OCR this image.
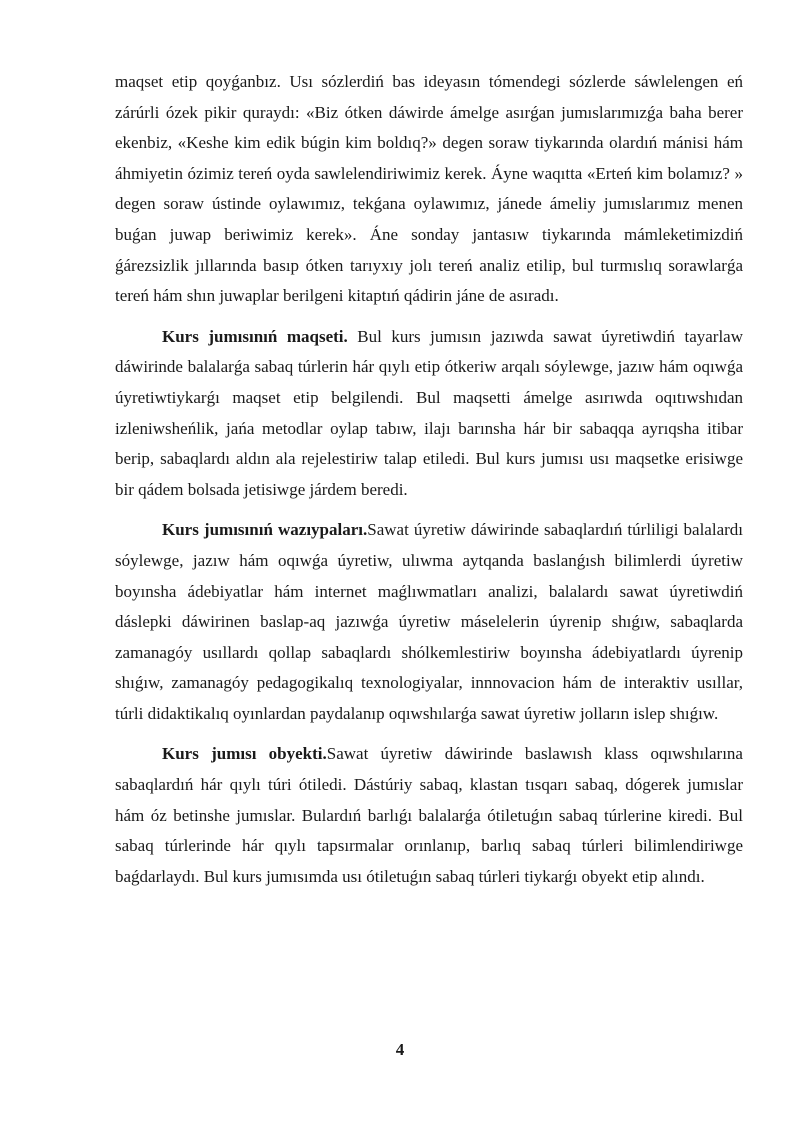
maqset etip qoyǵanbız. Usı sózlerdiń bas ideyasın tómendegi sózlerde sáwlelengen eń zárúrli ózek pikir quraydı: «Biz ótken dáwirde ámelge asırǵan jumıslarımızǵa baha berer ekenbiz, «Keshe kim edik búgin kim boldıq?» degen soraw tiykarında olardıń mánisi hám áhmiyetin ózimiz tereń oyda sawlelendiriwimiz kerek. Áyne waqıtta «Erteń kim bolamız? » degen soraw ústinde oylawımız, tekǵana oylawımız, jánede ámeliy jumıslarımız menen buǵan juwap beriwimiz kerek». Áne sonday jantasıw tiykarında mámleketimizdiń ǵárezsizlik jıllarında basıp ótken tarıyxıy jolı tereń analiz etilip, bul turmıslıq sorawlarǵa tereń hám shın juwaplar berilgeni kitaptıń qádirin jáne de asıradı.

Kurs jumısınıń maqseti. Bul kurs jumısın jazıwda sawat úyretiwdiń tayarlaw dáwirinde balalarǵa sabaq túrlerin hár qıylı etip ótkeriw arqalı sóylewge, jazıw hám oqıwǵa úyretiwtiykarǵı maqset etip belgilendi. Bul maqsetti ámelge asırıwda oqıtıwshıdan izleniwsheńlik, jańa metodlar oylap tabıw, ilajı barınsha hár bir sabaqqa ayrıqsha itibar berip, sabaqlardı aldın ala rejelestiriw talap etiledi. Bul kurs jumısı usı maqsetke erisiwge bir qádem bolsada jetisiwge járdem beredi.

Kurs jumısınıń wazıypaları.Sawat úyretiw dáwirinde sabaqlardıń túrliligi balalardı sóylewge, jazıw hám oqıwǵa úyretiw, ulıwma aytqanda baslanǵısh bilimlerdi úyretiw boyınsha ádebiyatlar hám internet maǵlıwmatları analizi, balalardı sawat úyretiwdiń dáslepki dáwirinen baslap-aq jazıwǵa úyretiw máselelerin úyrenip shıǵıw, sabaqlarda zamanagóy usıllardı qollap sabaqlardı shólkemlestiriw boyınsha ádebiyatlardı úyrenip shıǵıw, zamanagóy pedagogikalıq texnologiyalar, innnovacion hám de interaktiv usıllar, túrli didaktikalıq oyınlardan paydalanıp oqıwshılarǵa sawat úyretiw jolların islep shıǵıw.

Kurs jumısı obyekti.Sawat úyretiw dáwirinde baslawısh klass oqıwshılarına sabaqlardıń hár qıylı túri ótiledi. Dástúriy sabaq, klastan tısqarı sabaq, dógerek jumıslar hám óz betinshe jumıslar. Bulardıń barlıǵı balalarǵa ótiletuǵın sabaq túrlerine kiredi. Bul sabaq túrlerinde hár qıylı tapsırmalar orınlanıp, barlıq sabaq túrleri bilimlendiriwge baǵdarlaydı. Bul kurs jumısımda usı ótiletuǵın sabaq túrleri tiykarǵı obyekt etip alındı.

4
